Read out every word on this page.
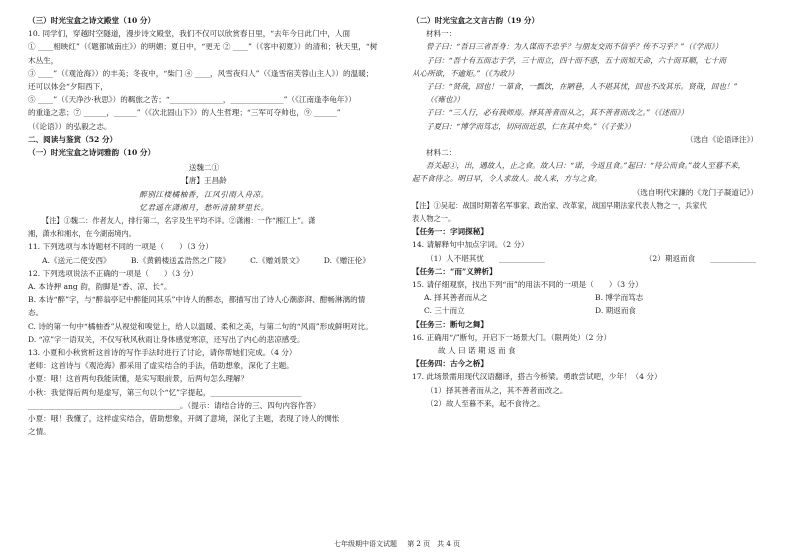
（三）时光宝盒之诗文殿堂（10 分）
10. 同学们，穿越时空隧道，漫步诗文殿堂，我们不仅可以欣赏春日里，“去年今日此门中，人面
① ____相映红”（《题都城南庄》）的明媚；夏日中，“更无 ② ____”（《客中初夏》）的清和；秋天里，“树木丛生，
③ ____”（《观沧海》）的丰美；冬夜中，“柴门 ④ ____，风雪夜归人”（《逢雪宿芙蓉山主人》）的温暖；还可以体会“夕阳西下，
⑤ ____”（《天净沙·秋思》）的羁旅之苦；“______________，______________”（《江南逢李龟年》）
的重逢之悲；⑦ ______，______”（《次北固山下》）的人生哲理；“三军可夺帅也，⑨ ______”
（《论语》）的弘毅之志。
二、阅读与鉴赏（52 分）
（一）时光宝盒之诗词雅韵（10 分）
送魏二①
【唐】王昌龄
醉别江楼橘柚香，江风引雨入舟凉。
忆君遥在潇湘月，愁听清猿梦里长。
【注】①魏二：作者友人，排行第二，名字及生平均不详。②潇湘：一作“湘江上”。潇
湘，潇水和湘水，在今湖南境内。
11. 下列选项与本诗题材不同的一项是（　　）（3 分）
A.《送元二使安西》	B.《黄鹤楼送孟浩然之广陵》	C.《赠刘景文》	D.《赠汪伦》
12. 下列选项说法不正确的一项是（　　）（3 分）
A. 本诗押 ang 韵，韵脚是“香、凉、长”。
B. 本诗“醉”字，与“醉翁亭记中醉能同其乐”中诗人的醉态，都描写出了诗人心潮澎湃、酣畅淋漓的情态。
C. 诗的第一句中“橘柚香”从视觉和嗅觉上，给人以温暖、柔和之美，与第二句的“风雨”形成鲜明对比。
D. “凉”字一语双关，不仅写秋风秋雨让身体感觉寒凉，还写出了内心的悲凉感受。
13. 小夏和小秋赏析这首诗的写作手法时进行了讨论，请你帮她们完成。（4 分）
老师：这首诗与《观沧海》都采用了虚实结合的手法，借助想象，深化了主题。
小夏：哦！这首两句我能读懂，是实写眼前景，后两句怎么理解？
小秋：我觉得后两句是虚写，第三句以个“忆”字提起，________________________
________________________________________。（提示：请结合诗的三、四句内容作答）
小夏：哦！我懂了，这样虚实结合，借助想象，开阔了意境，深化了主题，表现了诗人的惆怅
之情。
（二）时光宝盒之文言古韵（19 分）
材料一：
曾子曰：“吾日三省吾身：为人谋而不忠乎？与朋友交而不信乎？传不习乎？”（《学而》）
子曰：“吾十有五而志于学，三十而立，四十而不惑，五十而知天命，六十而耳顺，七十而
从心所欲，不逾矩。”（《为政》）
子曰：“贤哉，回也！一箪食，一瓢饮，在陋巷，人不堪其忧，回也不改其乐。贤哉，回也！”
（《雍也》）
子曰：“三人行，必有我师焉。择其善者而从之，其不善者而改之。”（《述而》）
子夏曰：“博学而笃志，切问而近思，仁在其中矣。”（《子张》）
（选自《论语译注》）
材料二：
吾关起①，出，遇故人，止之食。故人曰：“诺，今返且食。”起曰：“待公而食。”故人至暮不来，
起不食待之。明日早，令人求故人。故人来，方与之食。
（选自明代宋濂的《龙门子凝道记》）
【注】①吴起：战国时期著名军事家、政治家、改革家，战国早期法家代表人物之一，兵家代
表人物之一。
【任务一：字词探秘】
14. 请解释句中加点字词。（2 分）
（1）人不堪其忧　　____________	（2）期返而食　　____________
【任务二：“而”义辨析】
15. 请仔细观察，找出下列“而”的用法不同的一项是（　　）（3 分）
A. 择其善者而从之	B. 博学而笃志
C. 三十而立	D. 期返而食
【任务三：断句之舞】
16. 正确用“/”断句，开启下一场景大门。（限两处）（2 分）
故 人 曰 诺 期 返 而 食
【任务四：古今之桥】
17. 此场景需用现代汉语翻译，搭古今桥梁。勇敢尝试吧，少年！（4 分）
（1）择其善者而从之，其不善者而改之。
（2）故人至暮不来，起不食待之。
七年级期中语文试题 第 2 页　共 4 页
